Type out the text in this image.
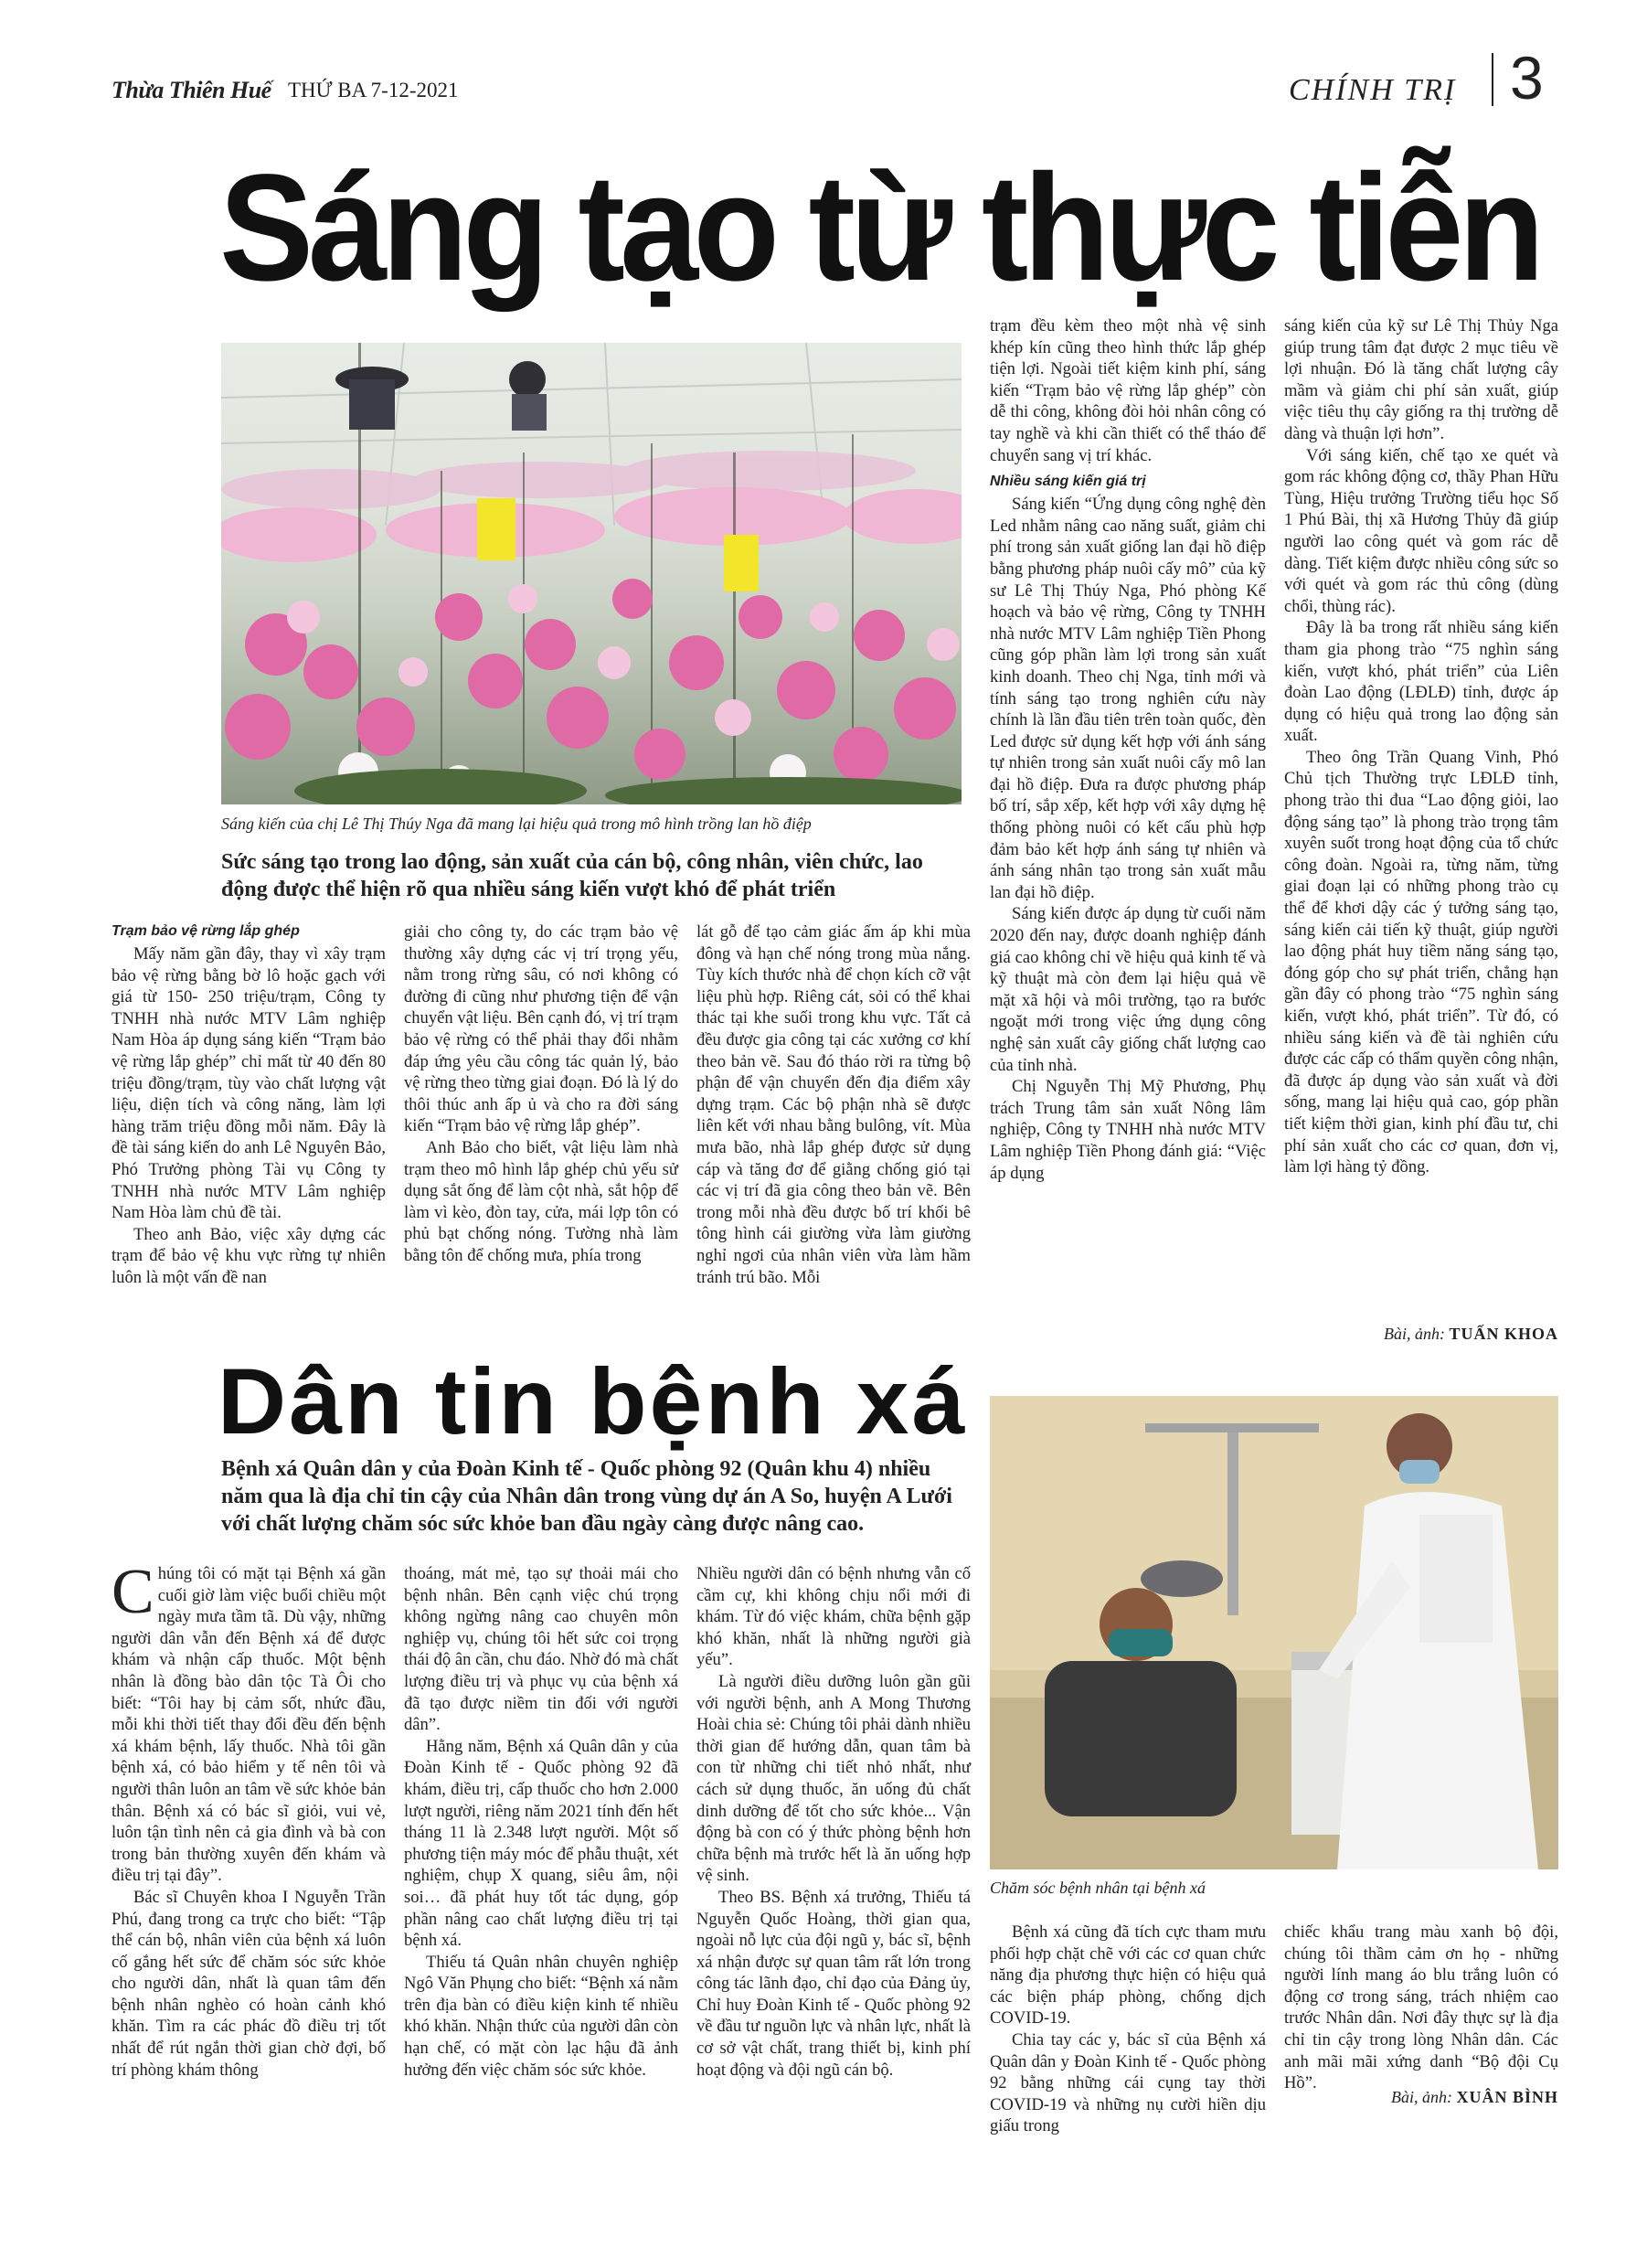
Thừa Thiên Huế THỨ BA 7-12-2021	CHÍNH TRỊ 3
Sáng tạo từ thực tiễn
Sáng kiến của chị Lê Thị Thúy Nga đã mang lại hiệu quả trong mô hình trồng lan hồ điệp
Sức sáng tạo trong lao động, sản xuất của cán bộ, công nhân, viên chức, lao động được thể hiện rõ qua nhiều sáng kiến vượt khó để phát triển
Trạm bảo vệ rừng lắp ghép

Mấy năm gần đây, thay vì xây trạm bảo vệ rừng bằng bờ lô hoặc gạch với giá từ 150- 250 triệu/trạm, Công ty TNHH nhà nước MTV Lâm nghiệp Nam Hòa áp dụng sáng kiến “Trạm bảo vệ rừng lắp ghép” chỉ mất từ 40 đến 80 triệu đồng/trạm, tùy vào chất lượng vật liệu, diện tích và công năng, làm lợi hàng trăm triệu đồng mỗi năm. Đây là đề tài sáng kiến do anh Lê Nguyên Bảo, Phó Trưởng phòng Tài vụ Công ty TNHH nhà nước MTV Lâm nghiệp Nam Hòa làm chủ đề tài.

Theo anh Bảo, việc xây dựng các trạm để bảo vệ khu vực rừng tự nhiên luôn là một vấn đề nan

giải cho công ty, do các trạm bảo vệ thường xây dựng các vị trí trọng yếu, nằm trong rừng sâu, có nơi không có đường đi cũng như phương tiện để vận chuyển vật liệu. Bên cạnh đó, vị trí trạm bảo vệ rừng có thể phải thay đổi nhằm đáp ứng yêu cầu công tác quản lý, bảo vệ rừng theo từng giai đoạn. Đó là lý do thôi thúc anh ấp ủ và cho ra đời sáng kiến “Trạm bảo vệ rừng lắp ghép”.

Anh Bảo cho biết, vật liệu làm nhà trạm theo mô hình lắp ghép chủ yếu sử dụng sắt ống để làm cột nhà, sắt hộp để làm vì kèo, đòn tay, cửa, mái lợp tôn có phủ bạt chống nóng. Tường nhà làm bằng tôn để chống mưa, phía trong

lát gỗ để tạo cảm giác ấm áp khi mùa đông và hạn chế nóng trong mùa nắng. Tùy kích thước nhà để chọn kích cỡ vật liệu phù hợp. Riêng cát, sỏi có thể khai thác tại khe suối trong khu vực. Tất cả đều được gia công tại các xưởng cơ khí theo bản vẽ. Sau đó tháo rời ra từng bộ phận để vận chuyển đến địa điểm xây dựng trạm. Các bộ phận nhà sẽ được liên kết với nhau bằng bulông, vít. Mùa mưa bão, nhà lắp ghép được sử dụng cáp và tăng đơ để giằng chống gió tại các vị trí đã gia công theo bản vẽ. Bên trong mỗi nhà đều được bố trí khối bê tông hình cái giường vừa làm giường nghỉ ngơi của nhân viên vừa làm hầm tránh trú bão. Mỗi

trạm đều kèm theo một nhà vệ sinh khép kín cũng theo hình thức lắp ghép tiện lợi. Ngoài tiết kiệm kinh phí, sáng kiến “Trạm bảo vệ rừng lắp ghép” còn dễ thi công, không đòi hỏi nhân công có tay nghề và khi cần thiết có thể tháo để chuyển sang vị trí khác.

Nhiều sáng kiến giá trị

Sáng kiến “Ứng dụng công nghệ đèn Led nhằm nâng cao năng suất, giảm chi phí trong sản xuất giống lan đại hồ điệp bằng phương pháp nuôi cấy mô” của kỹ sư Lê Thị Thúy Nga, Phó phòng Kế hoạch và bảo vệ rừng, Công ty TNHH nhà nước MTV Lâm nghiệp Tiền Phong cũng góp phần làm lợi trong sản xuất kinh doanh. Theo chị Nga, tỉnh mới và tính sáng tạo trong nghiên cứu này chính là lần đầu tiên trên toàn quốc, đèn Led được sử dụng kết hợp với ánh sáng tự nhiên trong sản xuất nuôi cấy mô lan đại hồ điệp. Đưa ra được phương pháp bố trí, sắp xếp, kết hợp với xây dựng hệ thống phòng nuôi có kết cấu phù hợp đảm bảo kết hợp ánh sáng tự nhiên và ánh sáng nhân tạo trong sản xuất mẫu lan đại hồ điệp.

Sáng kiến được áp dụng từ cuối năm 2020 đến nay, được doanh nghiệp đánh giá cao không chỉ về hiệu quả kinh tế và kỹ thuật mà còn đem lại hiệu quả về mặt xã hội và môi trường, tạo ra bước ngoặt mới trong việc ứng dụng công nghệ sản xuất cây giống chất lượng cao của tỉnh nhà.

Chị Nguyễn Thị Mỹ Phương, Phụ trách Trung tâm sản xuất Nông lâm nghiệp, Công ty TNHH nhà nước MTV Lâm nghiệp Tiền Phong đánh giá: “Việc áp dụng

sáng kiến của kỹ sư Lê Thị Thủy Nga giúp trung tâm đạt được 2 mục tiêu về lợi nhuận. Đó là tăng chất lượng cây mầm và giảm chi phí sản xuất, giúp việc tiêu thụ cây giống ra thị trường dễ dàng và thuận lợi hơn”.

Với sáng kiến, chế tạo xe quét và gom rác không động cơ, thầy Phan Hữu Tùng, Hiệu trưởng Trường tiểu học Số 1 Phú Bài, thị xã Hương Thủy đã giúp người lao công quét và gom rác dễ dàng. Tiết kiệm được nhiều công sức so với quét và gom rác thủ công (dùng chổi, thùng rác).

Đây là ba trong rất nhiều sáng kiến tham gia phong trào “75 nghìn sáng kiến, vượt khó, phát triển” của Liên đoàn Lao động (LĐLĐ) tỉnh, được áp dụng có hiệu quả trong lao động sản xuất.

Theo ông Trần Quang Vinh, Phó Chủ tịch Thường trực LĐLĐ tỉnh, phong trào thi đua “Lao động giỏi, lao động sáng tạo” là phong trào trọng tâm xuyên suốt trong hoạt động của tổ chức công đoàn. Ngoài ra, từng năm, từng giai đoạn lại có những phong trào cụ thể để khơi dậy các ý tưởng sáng tạo, sáng kiến cải tiến kỹ thuật, giúp người lao động phát huy tiềm năng sáng tạo, đóng góp cho sự phát triển, chẳng hạn gần đây có phong trào “75 nghìn sáng kiến, vượt khó, phát triển”. Từ đó, có nhiều sáng kiến và đề tài nghiên cứu được các cấp có thẩm quyền công nhận, đã được áp dụng vào sản xuất và đời sống, mang lại hiệu quả cao, góp phần tiết kiệm thời gian, kinh phí đầu tư, chi phí sản xuất cho các cơ quan, đơn vị, làm lợi hàng tỷ đồng.

Bài, ảnh: TUẤN KHOA
Dân tin bệnh xá
Bệnh xá Quân dân y của Đoàn Kinh tế - Quốc phòng 92 (Quân khu 4) nhiều năm qua là địa chỉ tin cậy của Nhân dân trong vùng dự án A So, huyện A Lưới với chất lượng chăm sóc sức khỏe ban đầu ngày càng được nâng cao.
Chăm sóc bệnh nhân tại bệnh xá

Chúng tôi có mặt tại Bệnh xá gần cuối giờ làm việc buổi chiều một ngày mưa tầm tã. Dù vậy, những người dân vẫn đến Bệnh xá để được khám và nhận cấp thuốc. Một bệnh nhân là đồng bào dân tộc Tà Ôi cho biết: “Tôi hay bị cảm sốt, nhức đầu, mỗi khi thời tiết thay đổi đều đến bệnh xá khám bệnh, lấy thuốc. Nhà tôi gần bệnh xá, có bảo hiểm y tế nên tôi và người thân luôn an tâm về sức khỏe bản thân. Bệnh xá có bác sĩ giỏi, vui vẻ, luôn tận tình nên cả gia đình và bà con trong bản thường xuyên đến khám và điều trị tại đây”.

Bác sĩ Chuyên khoa I Nguyễn Trần Phú, đang trong ca trực cho biết: “Tập thể cán bộ, nhân viên của bệnh xá luôn cố gắng hết sức để chăm sóc sức khỏe cho người dân, nhất là quan tâm đến bệnh nhân nghèo có hoàn cảnh khó khăn. Tìm ra các phác đồ điều trị tốt nhất để rút ngắn thời gian chờ đợi, bố trí phòng khám thông

thoáng, mát mẻ, tạo sự thoải mái cho bệnh nhân. Bên cạnh việc chú trọng không ngừng nâng cao chuyên môn nghiệp vụ, chúng tôi hết sức coi trọng thái độ ân cần, chu đáo. Nhờ đó mà chất lượng điều trị và phục vụ của bệnh xá đã tạo được niềm tin đối với người dân”.

Hằng năm, Bệnh xá Quân dân y của Đoàn Kinh tế - Quốc phòng 92 đã khám, điều trị, cấp thuốc cho hơn 2.000 lượt người, riêng năm 2021 tính đến hết tháng 11 là 2.348 lượt người. Một số phương tiện máy móc để phẫu thuật, xét nghiệm, chụp X quang, siêu âm, nội soi… đã phát huy tốt tác dụng, góp phần nâng cao chất lượng điều trị tại bệnh xá.

Thiếu tá Quân nhân chuyên nghiệp Ngô Văn Phụng cho biết: “Bệnh xá nằm trên địa bàn có điều kiện kinh tế nhiều khó khăn. Nhận thức của người dân còn hạn chế, có mặt còn lạc hậu đã ảnh hưởng đến việc chăm sóc sức khỏe.

Nhiều người dân có bệnh nhưng vẫn cố cầm cự, khi không chịu nổi mới đi khám. Từ đó việc khám, chữa bệnh gặp khó khăn, nhất là những người già yếu”.

Là người điều dưỡng luôn gần gũi với người bệnh, anh A Mong Thương Hoài chia sẻ: Chúng tôi phải dành nhiều thời gian để hướng dẫn, quan tâm bà con từ những chi tiết nhỏ nhất, như cách sử dụng thuốc, ăn uống đủ chất dinh dưỡng để tốt cho sức khỏe... Vận động bà con có ý thức phòng bệnh hơn chữa bệnh mà trước hết là ăn uống hợp vệ sinh.

Theo BS. Bệnh xá trưởng, Thiếu tá Nguyễn Quốc Hoàng, thời gian qua, ngoài nỗ lực của đội ngũ y, bác sĩ, bệnh xá nhận được sự quan tâm rất lớn trong công tác lãnh đạo, chỉ đạo của Đảng ủy, Chỉ huy Đoàn Kinh tế - Quốc phòng 92 về đầu tư nguồn lực và nhân lực, nhất là cơ sở vật chất, trang thiết bị, kinh phí hoạt động và đội ngũ cán bộ.

Bệnh xá cũng đã tích cực tham mưu phối hợp chặt chẽ với các cơ quan chức năng địa phương thực hiện có hiệu quả các biện pháp phòng, chống dịch COVID-19.

Chia tay các y, bác sĩ của Bệnh xá Quân dân y Đoàn Kinh tế - Quốc phòng 92 bằng những cái cụng tay thời COVID-19 và những nụ cười hiền dịu giấu trong

chiếc khẩu trang màu xanh bộ đội, chúng tôi thầm cảm ơn họ - những người lính mang áo blu trắng luôn có động cơ trong sáng, trách nhiệm cao trước Nhân dân. Nơi đây thực sự là địa chỉ tin cậy trong lòng Nhân dân. Các anh mãi mãi xứng danh “Bộ đội Cụ Hồ”.

Bài, ảnh: XUÂN BÌNH
